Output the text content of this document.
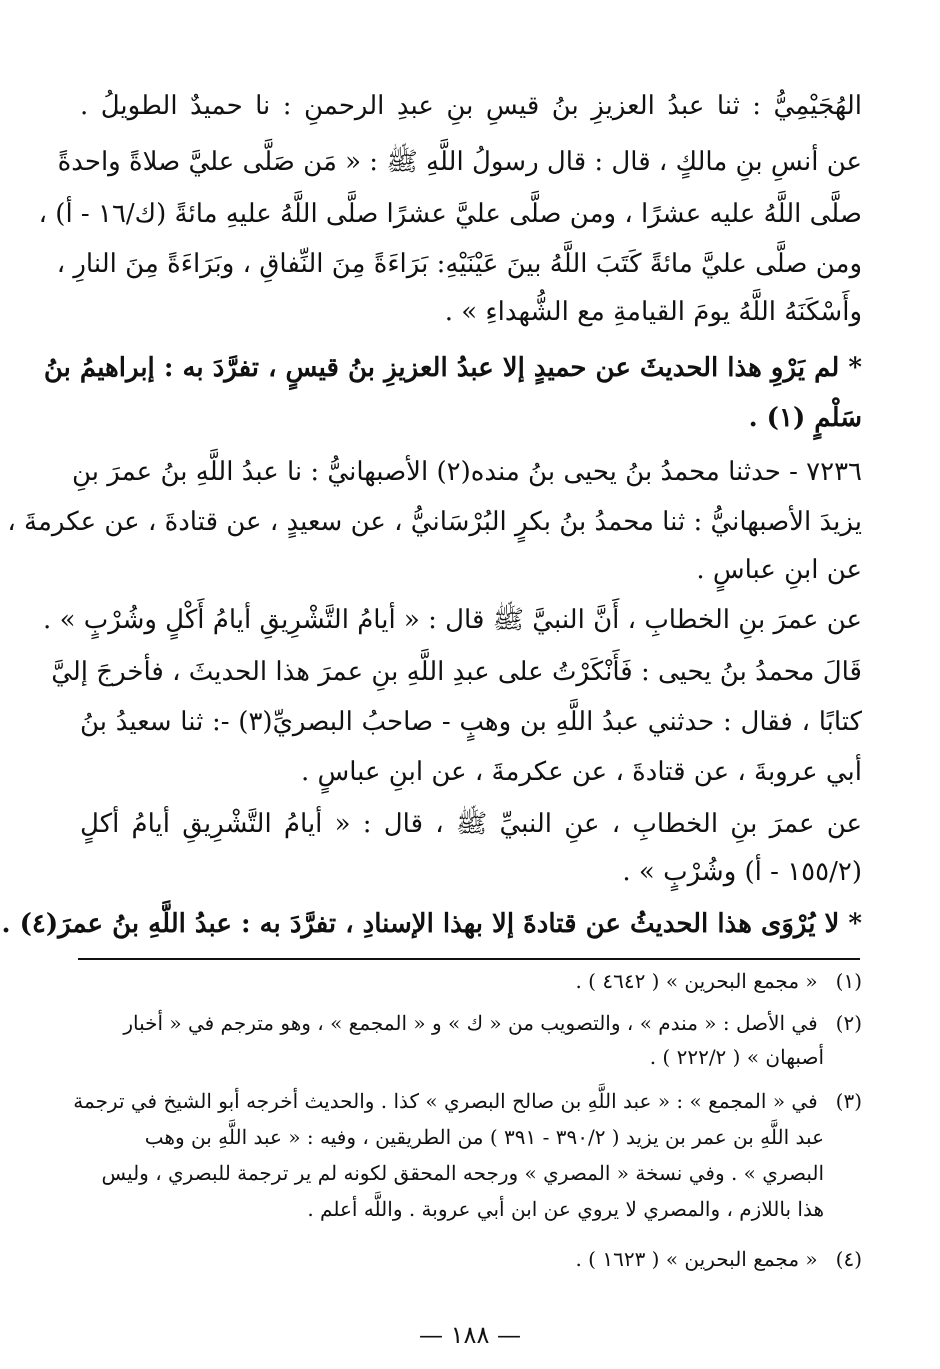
الهُجَيْمِيُّ : ثنا عبدُ العزيزِ بنُ قيسِ بنِ عبدِ الرحمنِ : نا حميدٌ الطويلُ .
عن أنسِ بنِ مالكٍ ، قال : قال رسولُ اللَّهِ ﷺ : « مَن صَلَّى عليَّ صلاةً واحدةً
صلَّى اللَّهُ عليه عشرًا ، ومن صلَّى عليَّ عشرًا صلَّى اللَّهُ عليهِ مائةً (ك/١٦ - أ) ،
ومن صلَّى عليَّ مائةً كَتَبَ اللَّهُ بينَ عَيْنَيْهِ: بَرَاءَةً مِنَ النِّفاقِ ، وبَرَاءَةً مِنَ النارِ ،
وأَسْكَنَهُ اللَّهُ يومَ القيامةِ مع الشُّهداءِ » .
* لم يَرْوِ هذا الحديثَ عن حميدٍ إلا عبدُ العزيزِ بنُ قيسٍ ، تفرَّدَ به : إبراهيمُ بنُ
سَلْمٍ (١) .
٧٢٣٦ - حدثنا محمدُ بنُ يحيى بنُ منده(٢) الأصبهانيُّ : نا عبدُ اللَّهِ بنُ عمرَ بنِ
يزيدَ الأصبهانيُّ : ثنا محمدُ بنُ بكرٍ البُرْسَانيُّ ، عن سعيدٍ ، عن قتادةَ ، عن عكرمةَ ،
عن ابنِ عباسٍ .
عن عمرَ بنِ الخطابِ ، أَنَّ النبيَّ ﷺ قال : « أيامُ التَّشْرِيقِ أيامُ أَكْلٍ وشُرْبٍ » .
قَالَ محمدُ بنُ يحيى : فَأَنْكَرْتُ على عبدِ اللَّهِ بنِ عمرَ هذا الحديثَ ، فأخرجَ إليَّ
كتابًا ، فقال : حدثني عبدُ اللَّهِ بن وهبٍ - صاحبُ البصريِّ(٣) -: ثنا سعيدُ بنُ
أبي عروبةَ ، عن قتادةَ ، عن عكرمةَ ، عن ابنِ عباسٍ .
عن عمرَ بنِ الخطابِ ، عنِ النبيِّ ﷺ ، قال : « أيامُ التَّشْرِيقِ أيامُ أكلٍ
(١٥٥/٢ - أ) وشُرْبٍ » .
* لا يُرْوَى هذا الحديثُ عن قتادةَ إلا بهذا الإسنادِ ، تفرَّدَ به : عبدُ اللَّهِ بنُ عمرَ(٤) .
(١) « مجمع البحرين » ( ٤٦٤٢ ) .
(٢) في الأصل : « مندم » ، والتصويب من « ك » و « المجمع » ، وهو مترجم في « أخبار
أصبهان » ( ٢٢٢/٢ ) .
(٣) في « المجمع » : « عبد اللَّهِ بن صالح البصري » كذا . والحديث أخرجه أبو الشيخ في ترجمة
عبد اللَّهِ بن عمر بن يزيد ( ٣٩٠/٢ - ٣٩١ ) من الطريقين ، وفيه : « عبد اللَّهِ بن وهب
البصري » . وفي نسخة « المصري » ورجحه المحقق لكونه لم ير ترجمة للبصري ، وليس
هذا باللازم ، والمصري لا يروي عن ابن أبي عروبة . واللَّه أعلم .
(٤) « مجمع البحرين » ( ١٦٢٣ ) .
— ١٨٨ —
